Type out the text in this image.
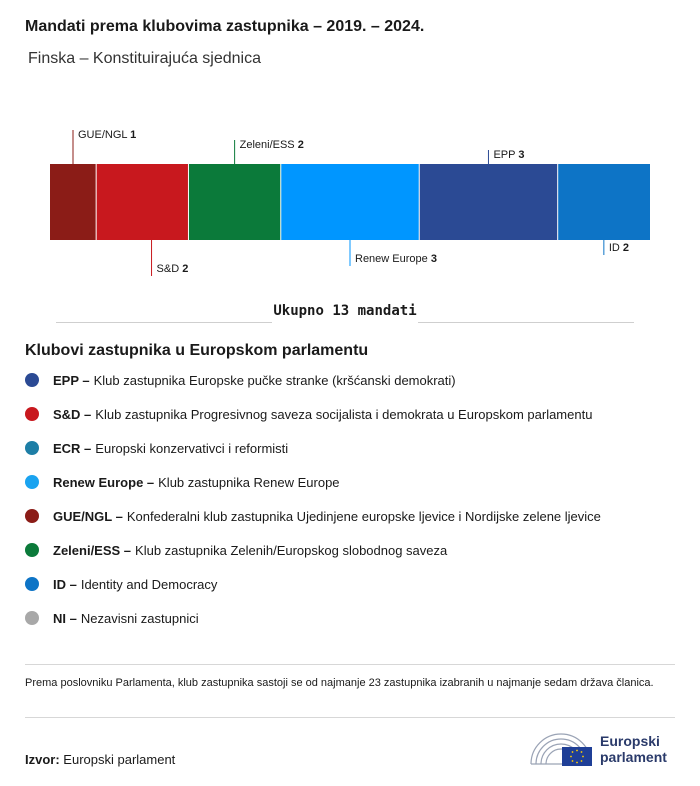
Mandati prema klubovima zastupnika – 2019. – 2024.
Finska – Konstituirajuća sjednica
GUE/NGL 1
S&D 2
Zeleni/ESS 2
Renew Europe 3
EPP 3
ID 2
Ukupno 13 mandati
Klubovi zastupnika u Europskom parlamentu
EPP – Klub zastupnika Europske pučke stranke (kršćanski demokrati)
S&D – Klub zastupnika Progresivnog saveza socijalista i demokrata u Europskom parlamentu
ECR – Europski konzervativci i reformisti
Renew Europe – Klub zastupnika Renew Europe
GUE/NGL – Konfederalni klub zastupnika Ujedinjene europske ljevice i Nordijske zelene ljevice
Zeleni/ESS – Klub zastupnika Zelenih/Europskog slobodnog saveza
ID – Identity and Democracy
NI – Nezavisni zastupnici
Prema poslovniku Parlamenta, klub zastupnika sastoji se od najmanje 23 zastupnika izabranih u najmanje sedam država članica.
Izvor: Europski parlament
Europski
parlament
